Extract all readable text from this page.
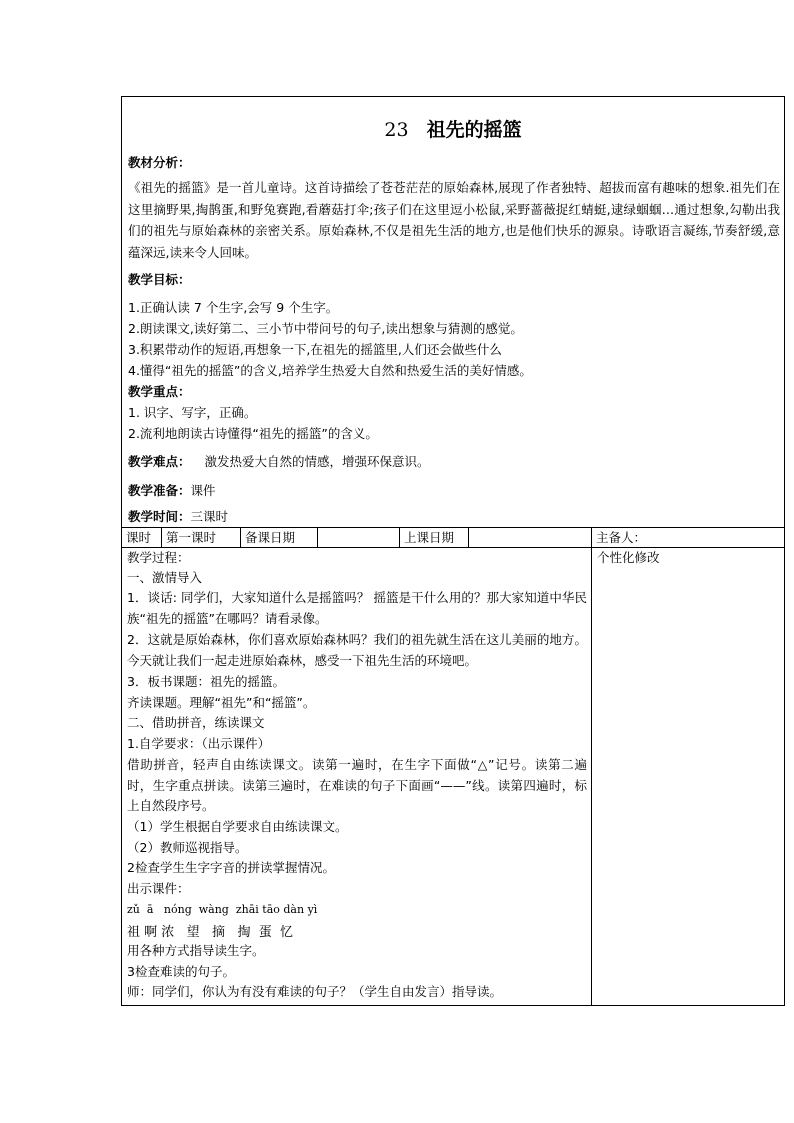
23 祖先的摇篮
教材分析：
《祖先的摇篮》是一首儿童诗。这首诗描绘了苍苍茫茫的原始森林,展现了作者独特、超拔而富有趣味的想象.祖先们在这里摘野果,掏鹊蛋,和野兔赛跑,看蘑菇打伞;孩子们在这里逗小松鼠,采野蔷薇捉红蜻蜓,逮绿蝈蝈…通过想象,勾勒出我们的祖先与原始森林的亲密关系。原始森林,不仅是祖先生活的地方,也是他们快乐的源泉。诗歌语言凝练,节奏舒缓,意蕴深远,读来令人回味。
教学目标：
1.正确认读 7 个生字,会写 9 个生字。
2.朗读课文,读好第二、三小节中带问号的句子,读出想象与猜测的感觉。
3.积累带动作的短语,再想象一下,在祖先的摇篮里,人们还会做些什么
4.懂得“祖先的摇篮”的含义,培养学生热爱大自然和热爱生活的美好情感。
教学重点：
1. 识字、写字，正确。
2.流利地朗读古诗懂得“祖先的摇篮”的含义。
教学难点： 激发热爱大自然的情感，增强环保意识。
教学准备：课件
教学时间：三课时
课时	第一课时	备课日期	上课日期	主备人：
教学过程：
一、激情导入
1．谈话: 同学们，大家知道什么是摇篮吗？ 摇篮是干什么用的？那大家知道中华民族“祖先的摇篮”在哪吗？请看录像。
2．这就是原始森林，你们喜欢原始森林吗？我们的祖先就生活在这儿美丽的地方。今天就让我们一起走进原始森林，感受一下祖先生活的环境吧。
3．板书课题：祖先的摇篮。
齐读课题。理解“祖先”和“摇篮”。
二、借助拼音，练读课文
1.自学要求：（出示课件）
借助拼音，轻声自由练读课文。读第一遍时，在生字下面做“△”记号。读第二遍时，生字重点拼读。读第三遍时，在难读的句子下面画“——”线。读第四遍时，标上自然段序号。
（1）学生根据自学要求自由练读课文。
（2）教师巡视指导。
2检查学生生字字音的拼读掌握情况。
出示课件：
zǔ  ā   nóng  wàng  zhāi tāo dàn yì
祖 啊 浓   望   摘   掏  蛋  忆
用各种方式指导读生字。
3检查难读的句子。
师：同学们，你认为有没有难读的句子？（学生自由发言）指导读。
个性化修改
